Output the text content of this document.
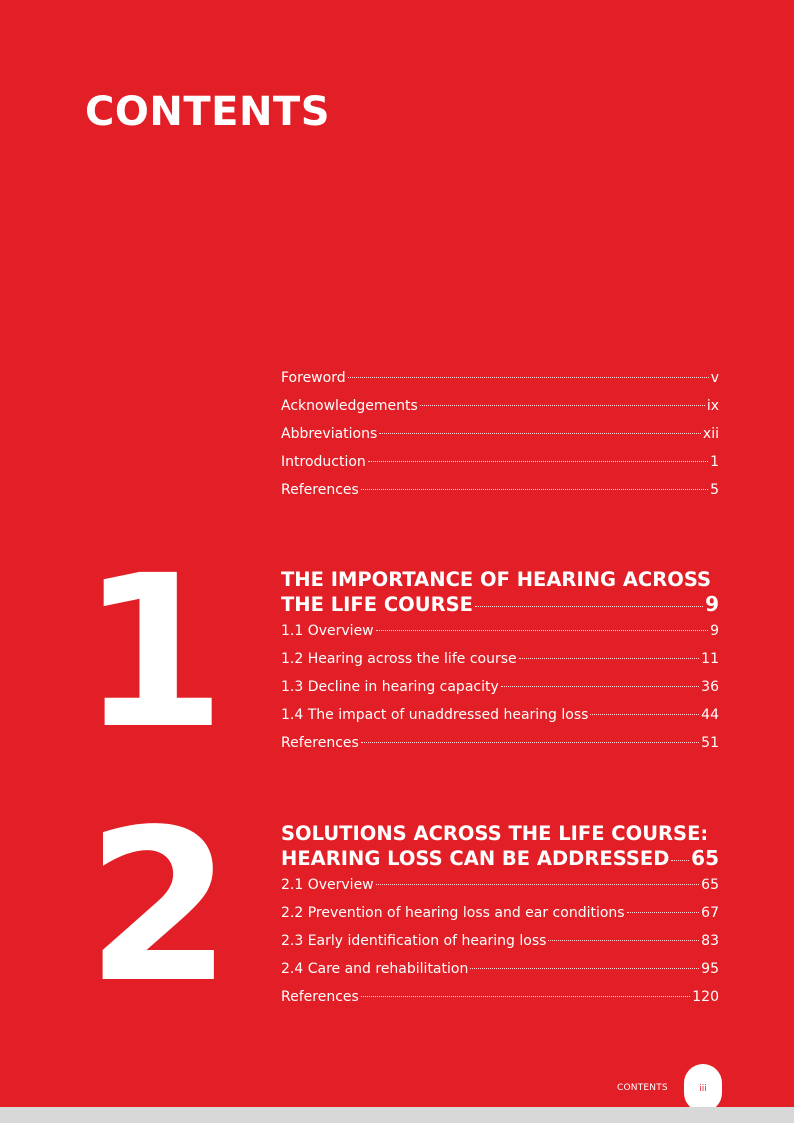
CONTENTS
Foreword	v
Acknowledgements	ix
Abbreviations	xii
Introduction	1
References	5
1	THE IMPORTANCE OF HEARING ACROSS
THE LIFE COURSE	9
1.1 Overview	9
1.2 Hearing across the life course	11
1.3 Decline in hearing capacity	36
1.4 The impact of unaddressed hearing loss	44
References	51
2	SOLUTIONS ACROSS THE LIFE COURSE:
HEARING LOSS CAN BE ADDRESSED 65
2.1 Overview	65
2.2 Prevention of hearing loss and ear conditions	67
2.3 Early identification of hearing loss	83
2.4 Care and rehabilitation	95
References	120
CONTENTS	iii
